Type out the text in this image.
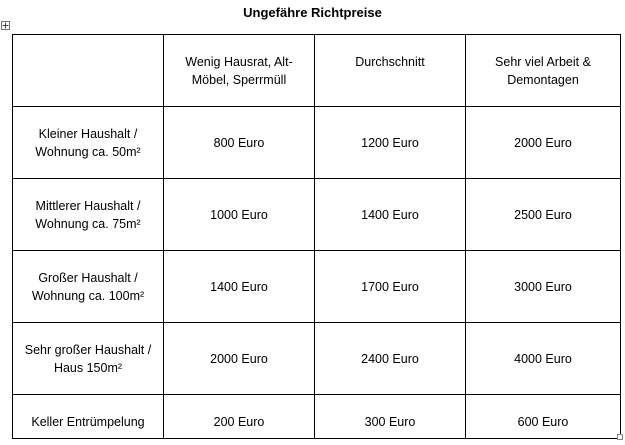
Ungefähre Richtpreise
	Wenig Hausrat, Alt-Möbel, Sperrmüll	Durchschnitt	Sehr viel Arbeit & Demontagen
Kleiner Haushalt / Wohnung ca. 50m²	800 Euro	1200 Euro	2000 Euro
Mittlerer Haushalt / Wohnung ca. 75m²	1000 Euro	1400 Euro	2500 Euro
Großer Haushalt / Wohnung ca. 100m²	1400 Euro	1700 Euro	3000 Euro
Sehr großer Haushalt / Haus 150m²	2000 Euro	2400 Euro	4000 Euro
Keller Entrümpelung	200 Euro	300 Euro	600 Euro
